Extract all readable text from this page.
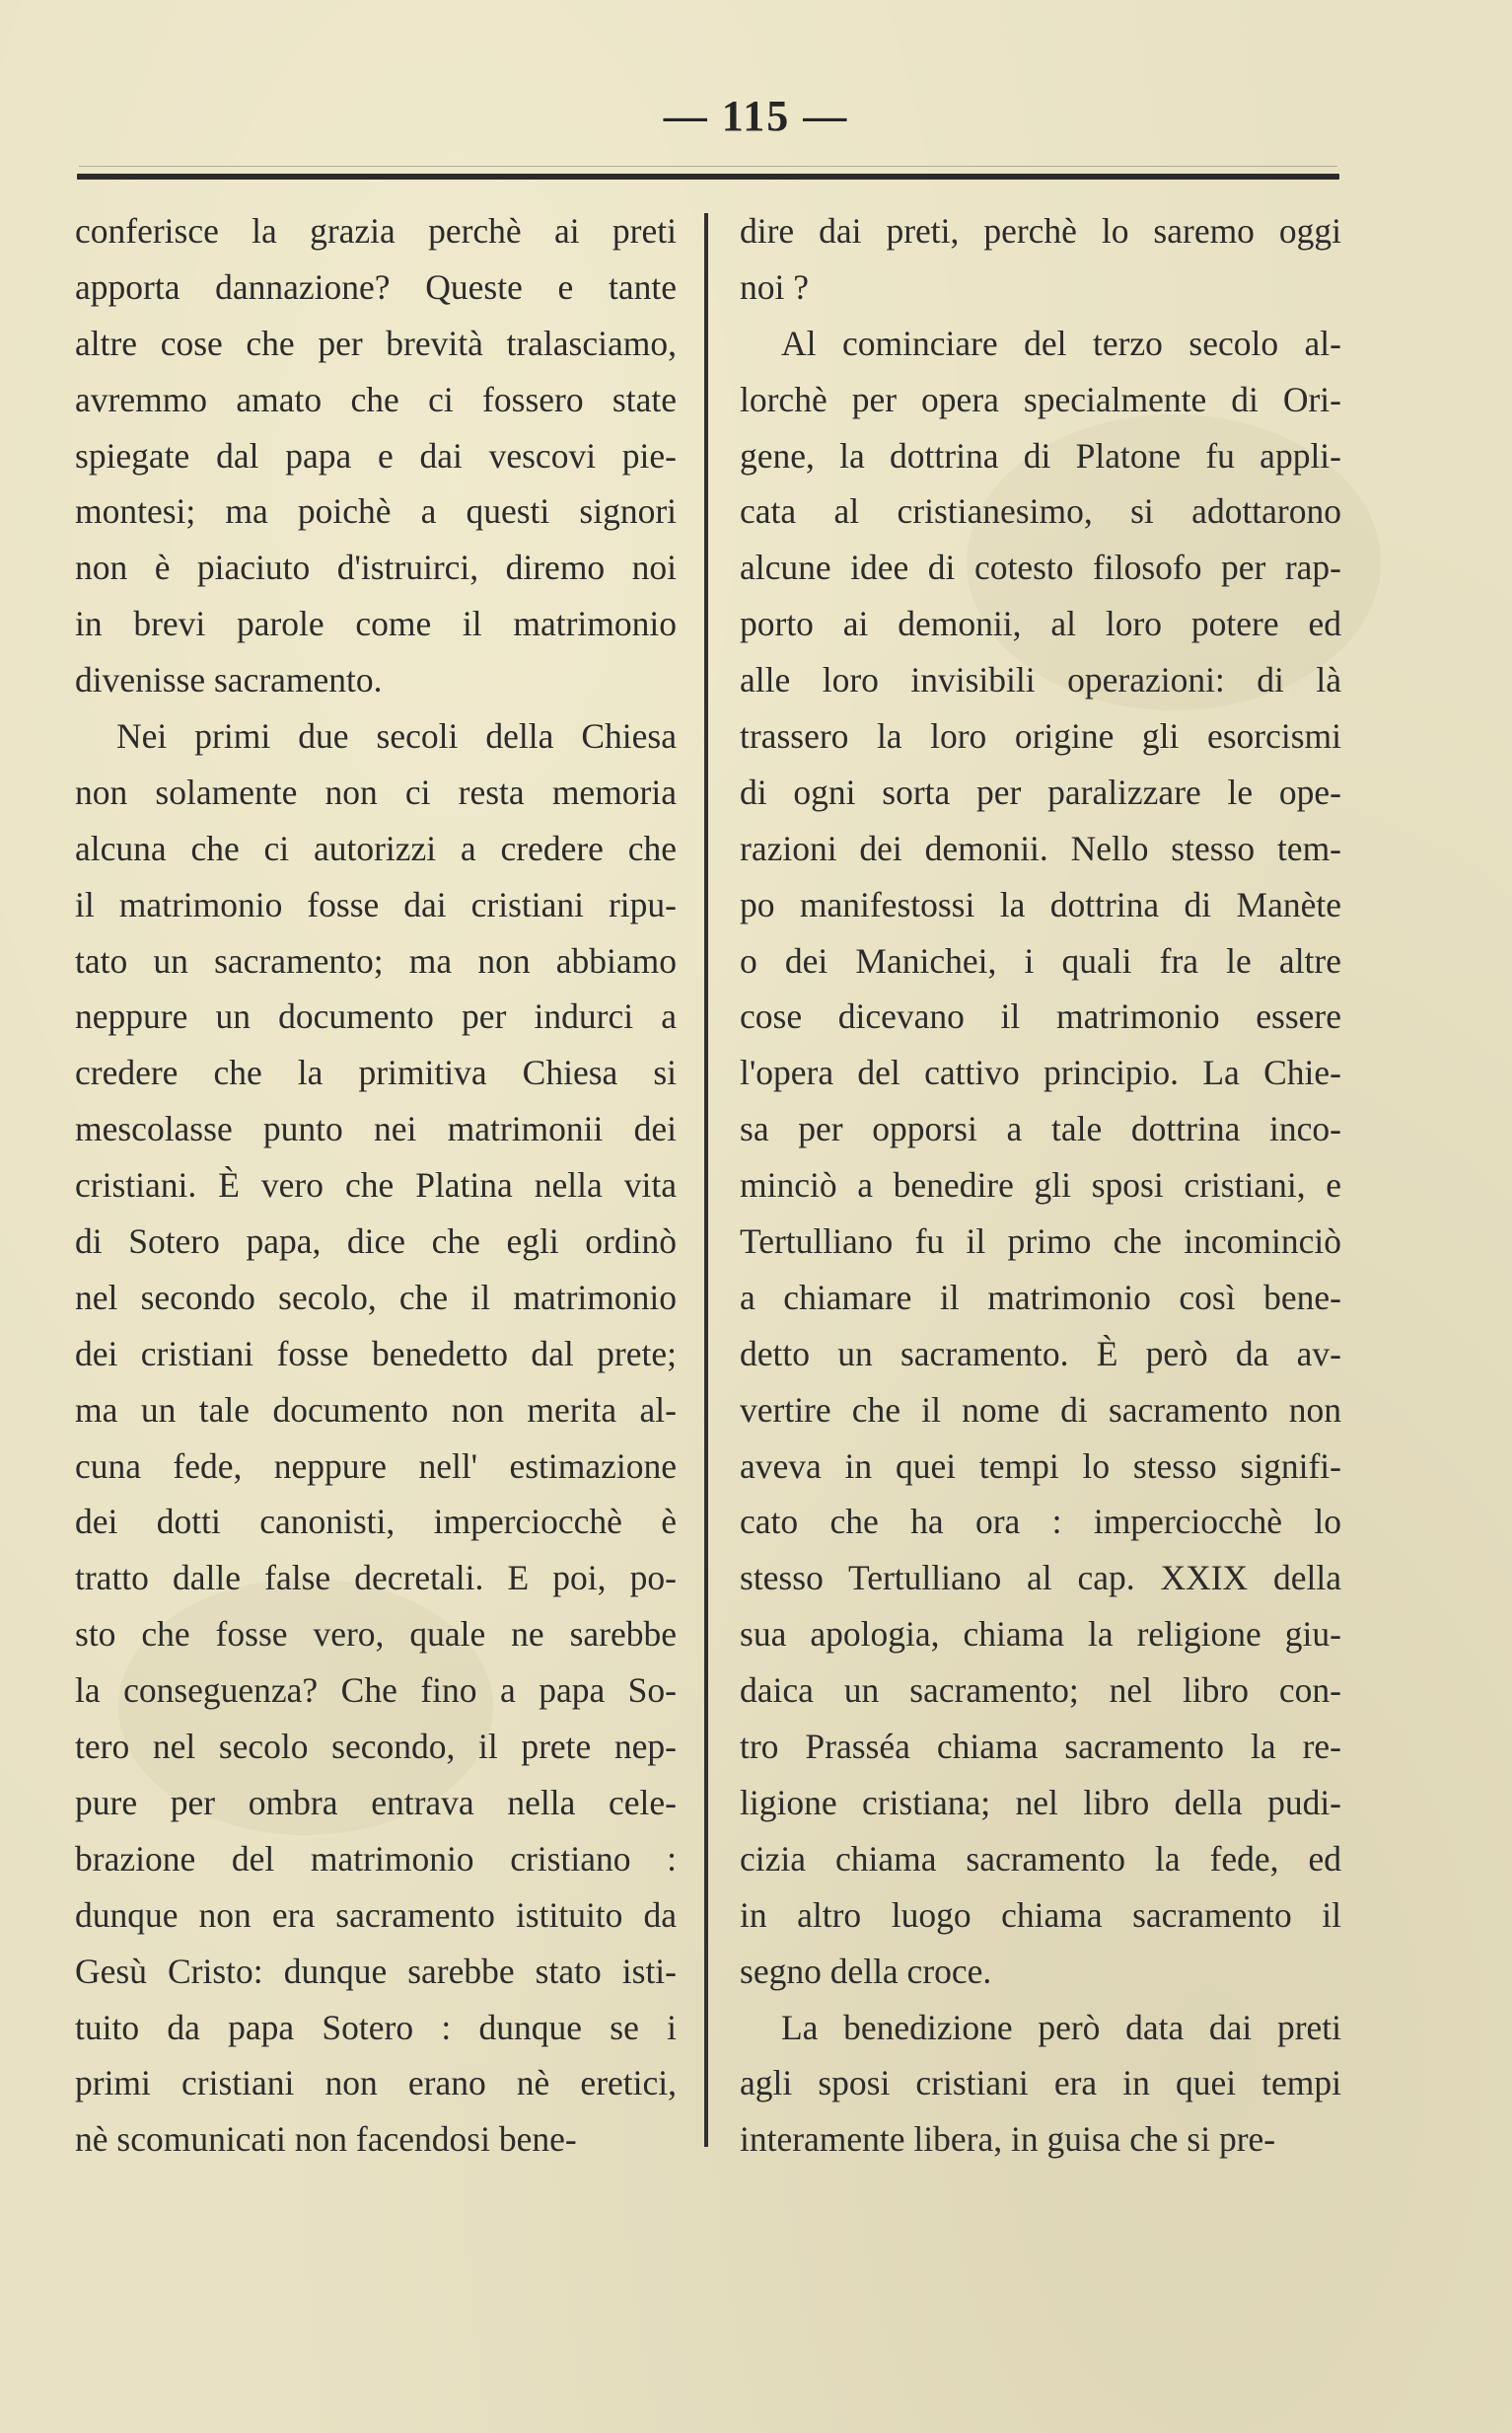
— 115 —
conferisce la grazia perchè ai preti
apporta dannazione? Queste e tante
altre cose che per brevità tralasciamo,
avremmo amato che ci fossero state
spiegate dal papa e dai vescovi pie-
montesi; ma poichè a questi signori
non è piaciuto d'istruirci, diremo noi
in brevi parole come il matrimonio
divenisse sacramento.
Nei primi due secoli della Chiesa
non solamente non ci resta memoria
alcuna che ci autorizzi a credere che
il matrimonio fosse dai cristiani ripu-
tato un sacramento; ma non abbiamo
neppure un documento per indurci a
credere che la primitiva Chiesa si
mescolasse punto nei matrimonii dei
cristiani. È vero che Platina nella vita
di Sotero papa, dice che egli ordinò
nel secondo secolo, che il matrimonio
dei cristiani fosse benedetto dal prete;
ma un tale documento non merita al-
cuna fede, neppure nell' estimazione
dei dotti canonisti, imperciocchè è
tratto dalle false decretali. E poi, po-
sto che fosse vero, quale ne sarebbe
la conseguenza? Che fino a papa So-
tero nel secolo secondo, il prete nep-
pure per ombra entrava nella cele-
brazione del matrimonio cristiano :
dunque non era sacramento istituito da
Gesù Cristo: dunque sarebbe stato isti-
tuito da papa Sotero : dunque se i
primi cristiani non erano nè eretici,
nè scomunicati non facendosi bene-
dire dai preti, perchè lo saremo oggi
noi ?
Al cominciare del terzo secolo al-
lorchè per opera specialmente di Ori-
gene, la dottrina di Platone fu appli-
cata al cristianesimo, si adottarono
alcune idee di cotesto filosofo per rap-
porto ai demonii, al loro potere ed
alle loro invisibili operazioni: di là
trassero la loro origine gli esorcismi
di ogni sorta per paralizzare le ope-
razioni dei demonii. Nello stesso tem-
po manifestossi la dottrina di Manète
o dei Manichei, i quali fra le altre
cose dicevano il matrimonio essere
l'opera del cattivo principio. La Chie-
sa per opporsi a tale dottrina inco-
minciò a benedire gli sposi cristiani, e
Tertulliano fu il primo che incominciò
a chiamare il matrimonio così bene-
detto un sacramento. È però da av-
vertire che il nome di sacramento non
aveva in quei tempi lo stesso signifi-
cato che ha ora : imperciocchè lo
stesso Tertulliano al cap. XXIX della
sua apologia, chiama la religione giu-
daica un sacramento; nel libro con-
tro Prasséa chiama sacramento la re-
ligione cristiana; nel libro della pudi-
cizia chiama sacramento la fede, ed
in altro luogo chiama sacramento il
segno della croce.
La benedizione però data dai preti
agli sposi cristiani era in quei tempi
interamente libera, in guisa che si pre-
